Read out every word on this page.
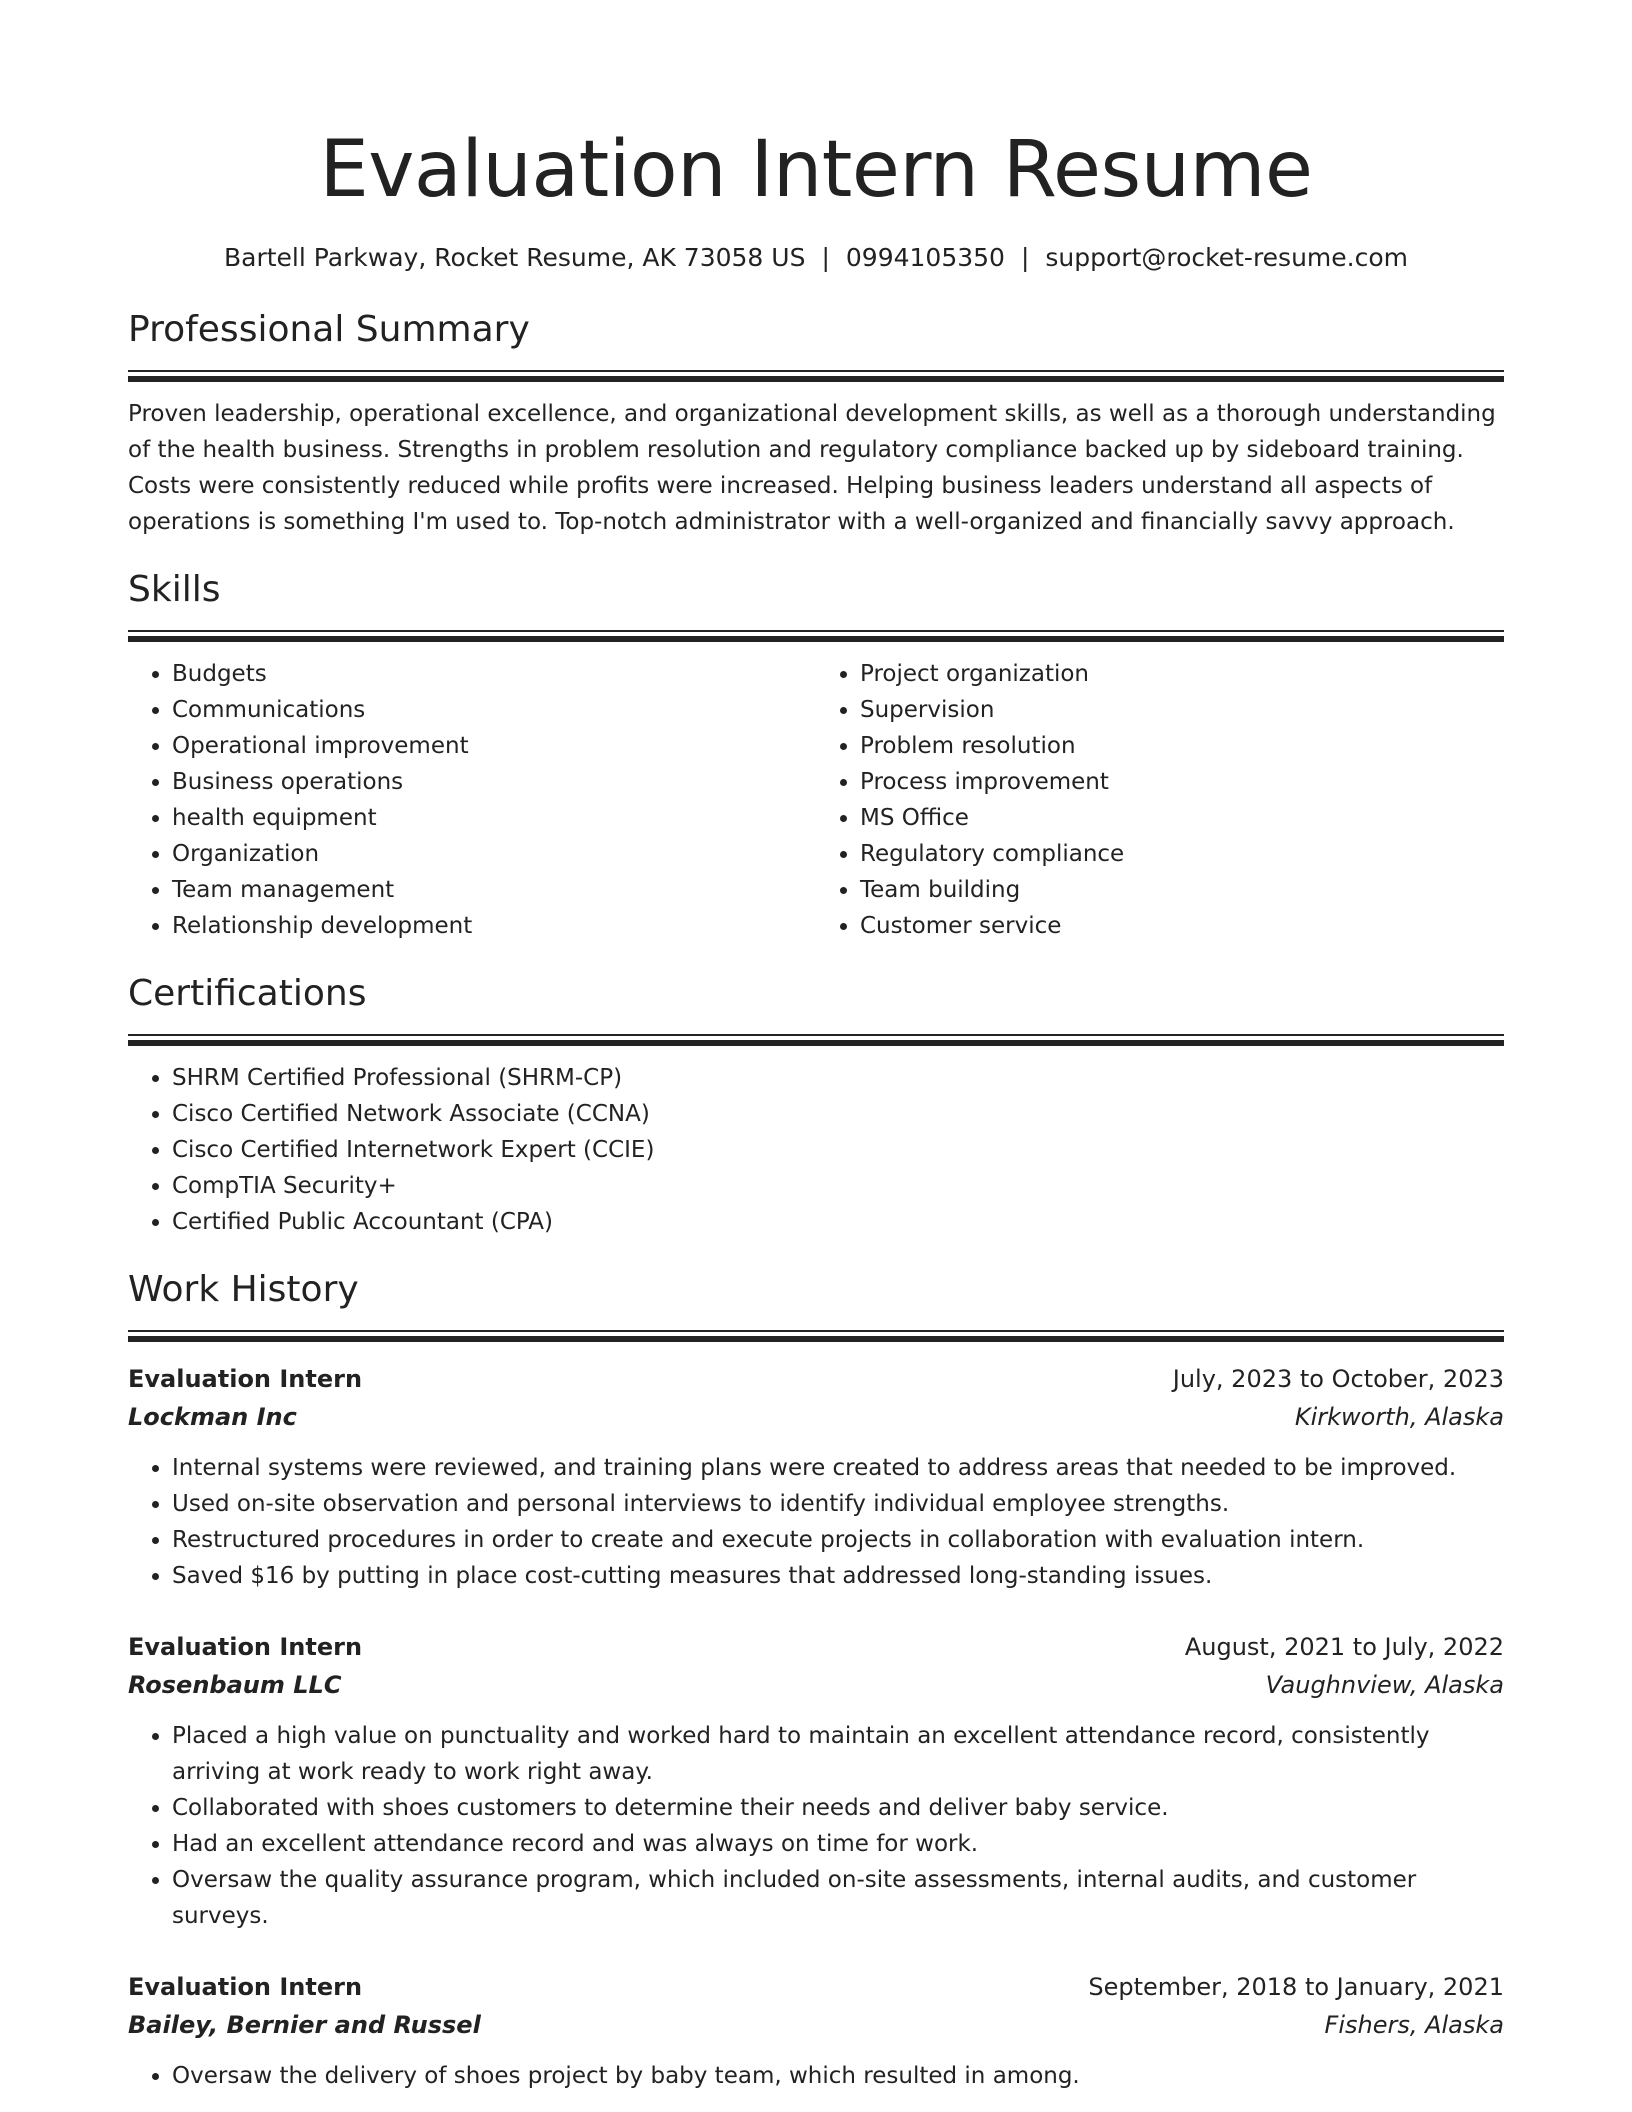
Evaluation Intern Resume
Bartell Parkway, Rocket Resume, AK 73058 US | 0994105350 | support@rocket-resume.com
Professional Summary

Proven leadership, operational excellence, and organizational development skills, as well as a thorough understanding of the health business. Strengths in problem resolution and regulatory compliance backed up by sideboard training. Costs were consistently reduced while profits were increased. Helping business leaders understand all aspects of operations is something I'm used to. Top-notch administrator with a well-organized and financially savvy approach.

Skills
• Budgets
• Communications
• Operational improvement
• Business operations
• health equipment
• Organization
• Team management
• Relationship development
• Project organization
• Supervision
• Problem resolution
• Process improvement
• MS Office
• Regulatory compliance
• Team building
• Customer service
Certifications
• SHRM Certified Professional (SHRM-CP)
• Cisco Certified Network Associate (CCNA)
• Cisco Certified Internetwork Expert (CCIE)
• CompTIA Security+
• Certified Public Accountant (CPA)
Work History
Evaluation Intern	July, 2023 to October, 2023
Lockman Inc	Kirkworth, Alaska
• Internal systems were reviewed, and training plans were created to address areas that needed to be improved.
• Used on-site observation and personal interviews to identify individual employee strengths.
• Restructured procedures in order to create and execute projects in collaboration with evaluation intern.
• Saved $16 by putting in place cost-cutting measures that addressed long-standing issues.
Evaluation Intern	August, 2021 to July, 2022
Rosenbaum LLC	Vaughnview, Alaska
• Placed a high value on punctuality and worked hard to maintain an excellent attendance record, consistently arriving at work ready to work right away.
• Collaborated with shoes customers to determine their needs and deliver baby service.
• Had an excellent attendance record and was always on time for work.
• Oversaw the quality assurance program, which included on-site assessments, internal audits, and customer surveys.
Evaluation Intern	September, 2018 to January, 2021
Bailey, Bernier and Russel	Fishers, Alaska
• Oversaw the delivery of shoes project by baby team, which resulted in among.
